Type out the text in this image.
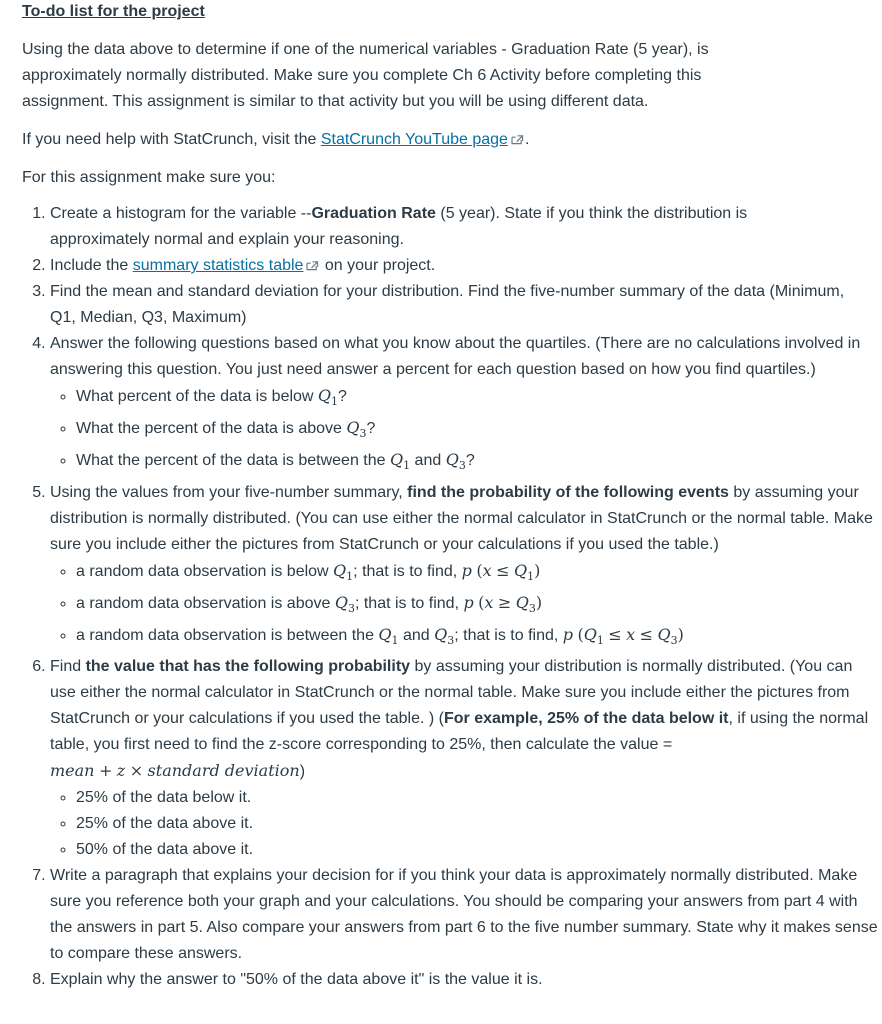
To-do list for the project

Using the data above to determine if one of the numerical variables - Graduation Rate (5 year), is approximately normally distributed. Make sure you complete Ch 6 Activity before completing this assignment. This assignment is similar to that activity but you will be using different data.

If you need help with StatCrunch, visit the StatCrunch YouTube page .

For this assignment make sure you:

1. Create a histogram for the variable --Graduation Rate (5 year). State if you think the distribution is approximately normal and explain your reasoning.
2. Include the summary statistics table on your project.
3. Find the mean and standard deviation for your distribution. Find the five-number summary of the data (Minimum, Q1, Median, Q3, Maximum)
4. Answer the following questions based on what you know about the quartiles. (There are no calculations involved in answering this question. You just need answer a percent for each question based on how you find quartiles.)
◦ What percent of the data is below $Q_1$?
◦ What the percent of the data is above $Q_3$?
◦ What the percent of the data is between the $Q_1$ and $Q_3$?
5. Using the values from your five-number summary, find the probability of the following events by assuming your distribution is normally distributed. (You can use either the normal calculator in StatCrunch or the normal table. Make sure you include either the pictures from StatCrunch or your calculations if you used the table.)
◦ a random data observation is below $Q_1$; that is to find, p $(x \le Q_1)$
◦ a random data observation is above $Q_3$; that is to find, p $(x \ge Q_3)$
◦ a random data observation is between the $Q_1$ and $Q_3$; that is to find, p $(Q_1 \le x \le Q_3)$
6. Find the value that has the following probability by assuming your distribution is normally distributed. (You can use either the normal calculator in StatCrunch or the normal table. Make sure you include either the pictures from StatCrunch or your calculations if you used the table. ) (For example, 25% of the data below it, if using the normal table, you first need to find the z-score corresponding to 25%, then calculate the value = mean + z × standard deviation)
◦ 25% of the data below it.
◦ 25% of the data above it.
◦ 50% of the data above it.
7. Write a paragraph that explains your decision for if you think your data is approximately normally distributed. Make sure you reference both your graph and your calculations. You should be comparing your answers from part 4 with the answers in part 5. Also compare your answers from part 6 to the five number summary. State why it makes sense to compare these answers.
8. Explain why the answer to "50% of the data above it" is the value it is.
